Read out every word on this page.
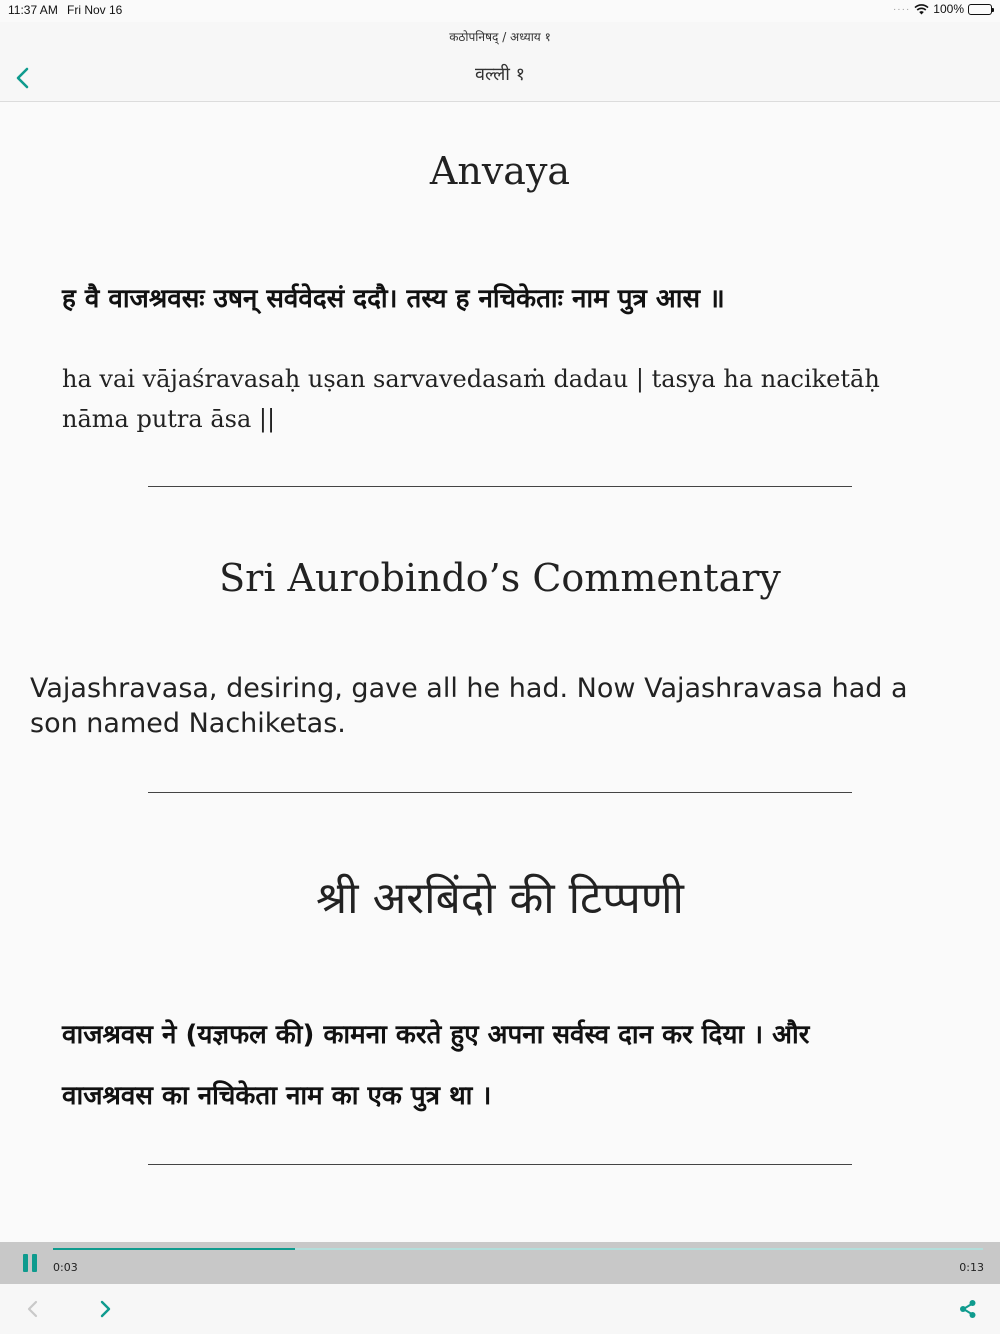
11:37 AM Fri Nov 16	···· 100%
कठोपनिषद् / अध्याय १
वल्ली १
Anvaya
ह वै वाजश्रवसः उषन् सर्ववेदसं ददौ। तस्य ह नचिकेताः नाम पुत्र आस ॥
ha vai vājaśravasaḥ uṣan sarvavedasaṁ dadau | tasya ha naciketāḥ nāma putra āsa ||
Sri Aurobindo’s Commentary
Vajashravasa, desiring, gave all he had. Now Vajashravasa had a son named Nachiketas.
श्री अरबिंदो की टिप्पणी
वाजश्रवस ने (यज्ञफल की) कामना करते हुए अपना सर्वस्व दान कर दिया । और वाजश्रवस का नचिकेता नाम का एक पुत्र था ।
0:03	0:13
